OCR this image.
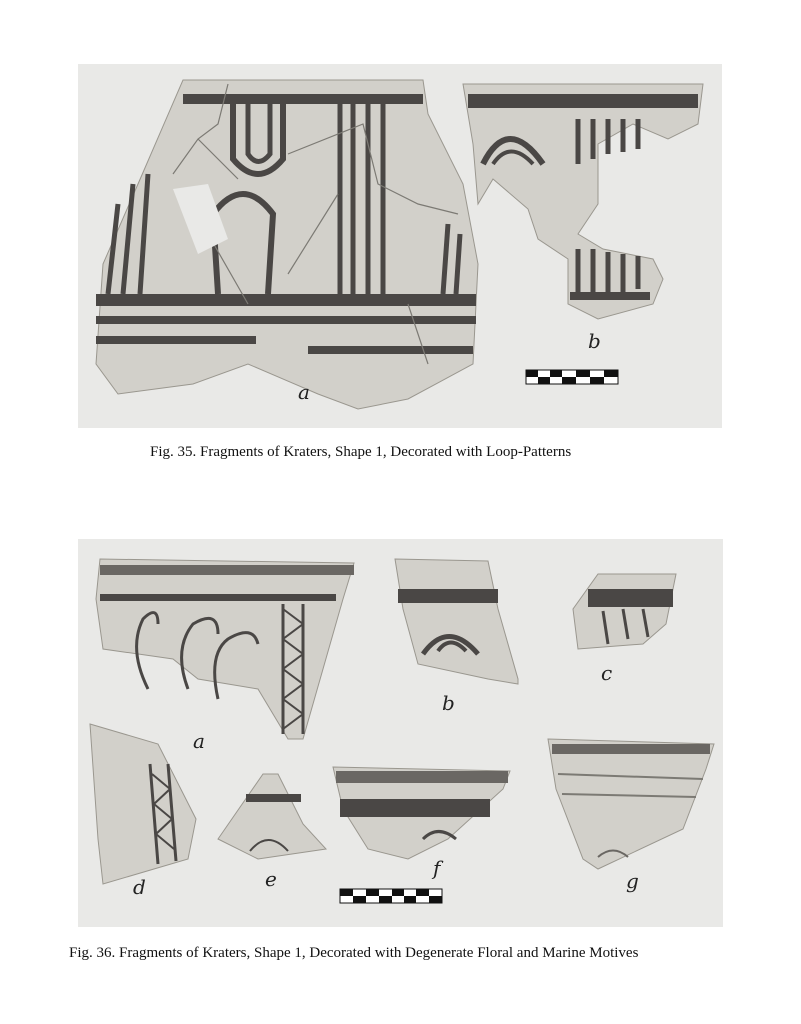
a
b
Fig. 35. Fragments of Kraters, Shape 1, Decorated with Loop-Patterns
a
b
c
d	e	f
g
Fig. 36. Fragments of Kraters, Shape 1, Decorated with Degenerate Floral and Marine Motives
